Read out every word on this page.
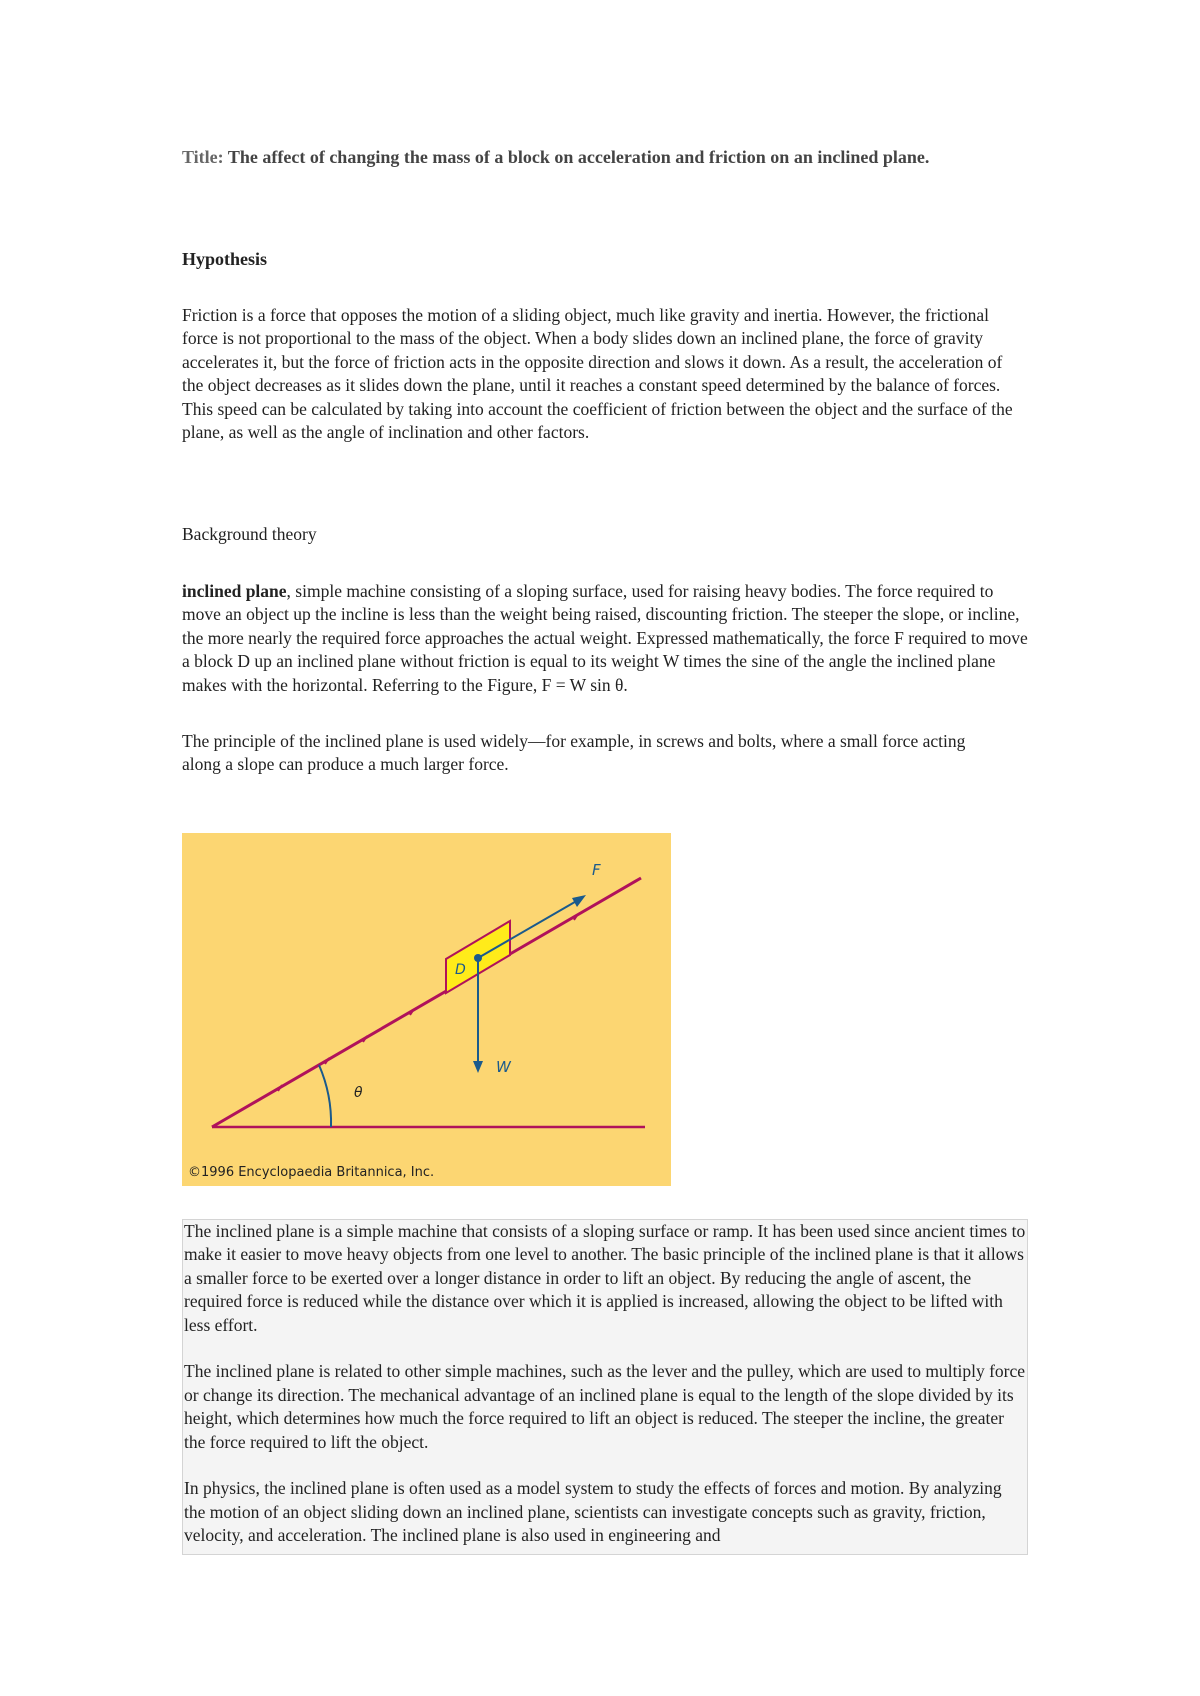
Title: The affect of changing the mass of a block on acceleration and friction on an inclined plane.
Hypothesis
Friction is a force that opposes the motion of a sliding object, much like gravity and inertia. However, the frictional force is not proportional to the mass of the object. When a body slides down an inclined plane, the force of gravity accelerates it, but the force of friction acts in the opposite direction and slows it down. As a result, the acceleration of the object decreases as it slides down the plane, until it reaches a constant speed determined by the balance of forces. This speed can be calculated by taking into account the coefficient of friction between the object and the surface of the plane, as well as the angle of inclination and other factors.
Background theory
inclined plane, simple machine consisting of a sloping surface, used for raising heavy bodies. The force required to move an object up the incline is less than the weight being raised, discounting friction. The steeper the slope, or incline, the more nearly the required force approaches the actual weight. Expressed mathematically, the force F required to move a block D up an inclined plane without friction is equal to its weight W times the sine of the angle the inclined plane makes with the horizontal. Referring to the Figure, F = W sin θ.
The principle of the inclined plane is used widely—for example, in screws and bolts, where a small force acting along a slope can produce a much larger force.
θ
D
F
W
©1996 Encyclopaedia Britannica, Inc.

The inclined plane is a simple machine that consists of a sloping surface or ramp. It has been used since ancient times to make it easier to move heavy objects from one level to another. The basic principle of the inclined plane is that it allows a smaller force to be exerted over a longer distance in order to lift an object. By reducing the angle of ascent, the required force is reduced while the distance over which it is applied is increased, allowing the object to be lifted with less effort.

The inclined plane is related to other simple machines, such as the lever and the pulley, which are used to multiply force or change its direction. The mechanical advantage of an inclined plane is equal to the length of the slope divided by its height, which determines how much the force required to lift an object is reduced. The steeper the incline, the greater the force required to lift the object.

In physics, the inclined plane is often used as a model system to study the effects of forces and motion. By analyzing the motion of an object sliding down an inclined plane, scientists can investigate concepts such as gravity, friction, velocity, and acceleration. The inclined plane is also used in engineering and
